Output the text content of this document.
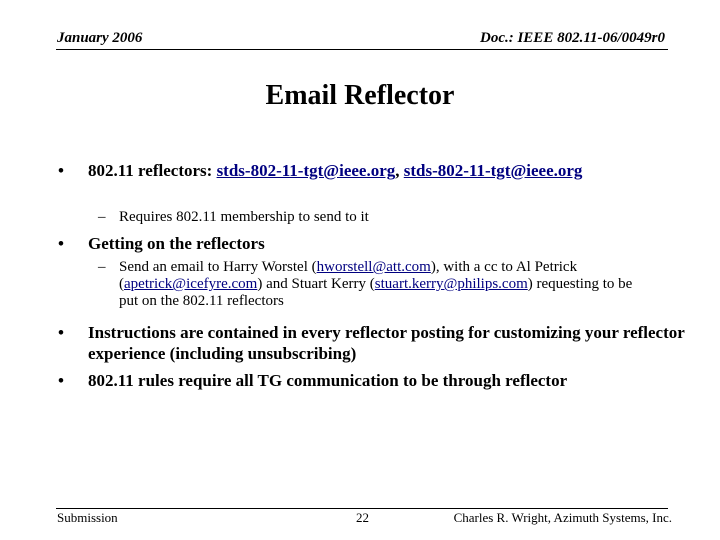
January 2006	Doc.: IEEE 802.11-06/0049r0
Email Reflector
• 802.11 reflectors: stds-802-11-tgt@ieee.org, stds-802-11-tgt@ieee.org
– Requires 802.11 membership to send to it
• Getting on the reflectors
– Send an email to Harry Worstel (hworstell@att.com), with a cc to Al Petrick (apetrick@icefyre.com) and Stuart Kerry (stuart.kerry@philips.com) requesting to be put on the 802.11 reflectors
• Instructions are contained in every reflector posting for customizing your reflector experience (including unsubscribing)
• 802.11 rules require all TG communication to be through reflector
Submission	22	Charles R. Wright, Azimuth Systems, Inc.
